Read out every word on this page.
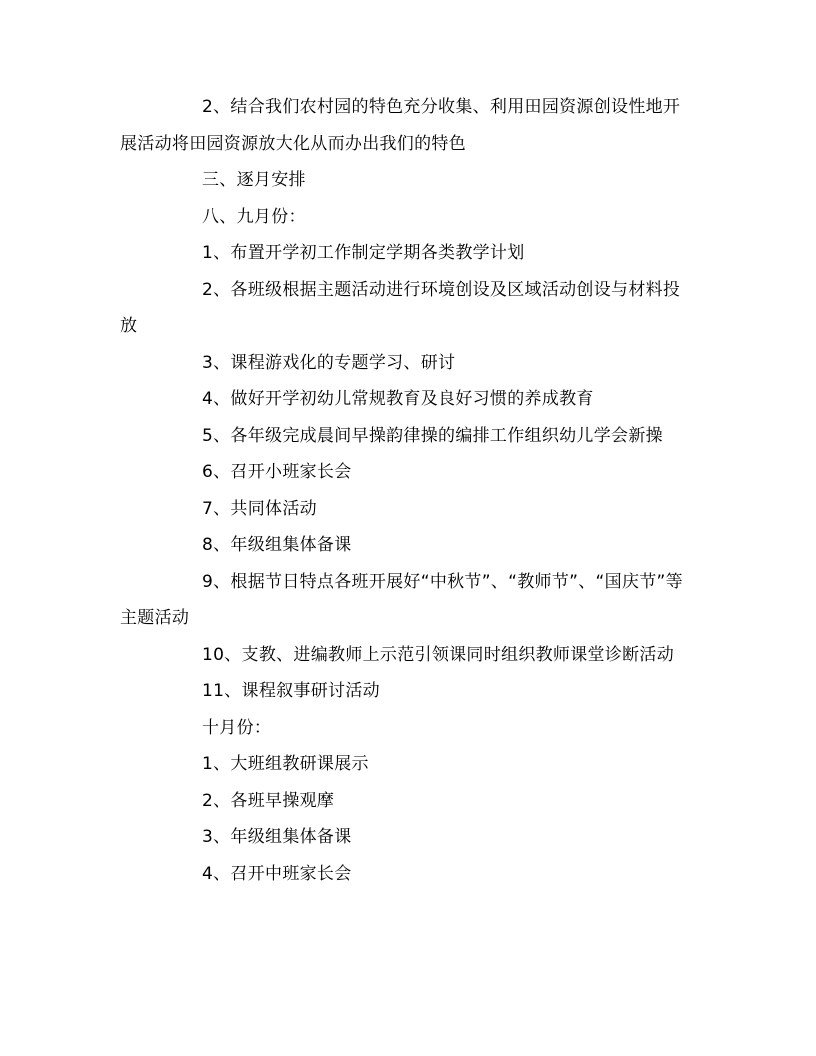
2、结合我们农村园的特色充分收集、利用田园资源创设性地开展活动将田园资源放大化从而办出我们的特色

三、逐月安排

八、九月份：

1、布置开学初工作制定学期各类教学计划

2、各班级根据主题活动进行环境创设及区域活动创设与材料投放

3、课程游戏化的专题学习、研讨

4、做好开学初幼儿常规教育及良好习惯的养成教育

5、各年级完成晨间早操韵律操的编排工作组织幼儿学会新操

6、召开小班家长会

7、共同体活动

8、年级组集体备课

9、根据节日特点各班开展好“中秋节”、“教师节”、“国庆节”等主题活动

10、支教、进编教师上示范引领课同时组织教师课堂诊断活动

11、课程叙事研讨活动

十月份：

1、大班组教研课展示

2、各班早操观摩

3、年级组集体备课

4、召开中班家长会
